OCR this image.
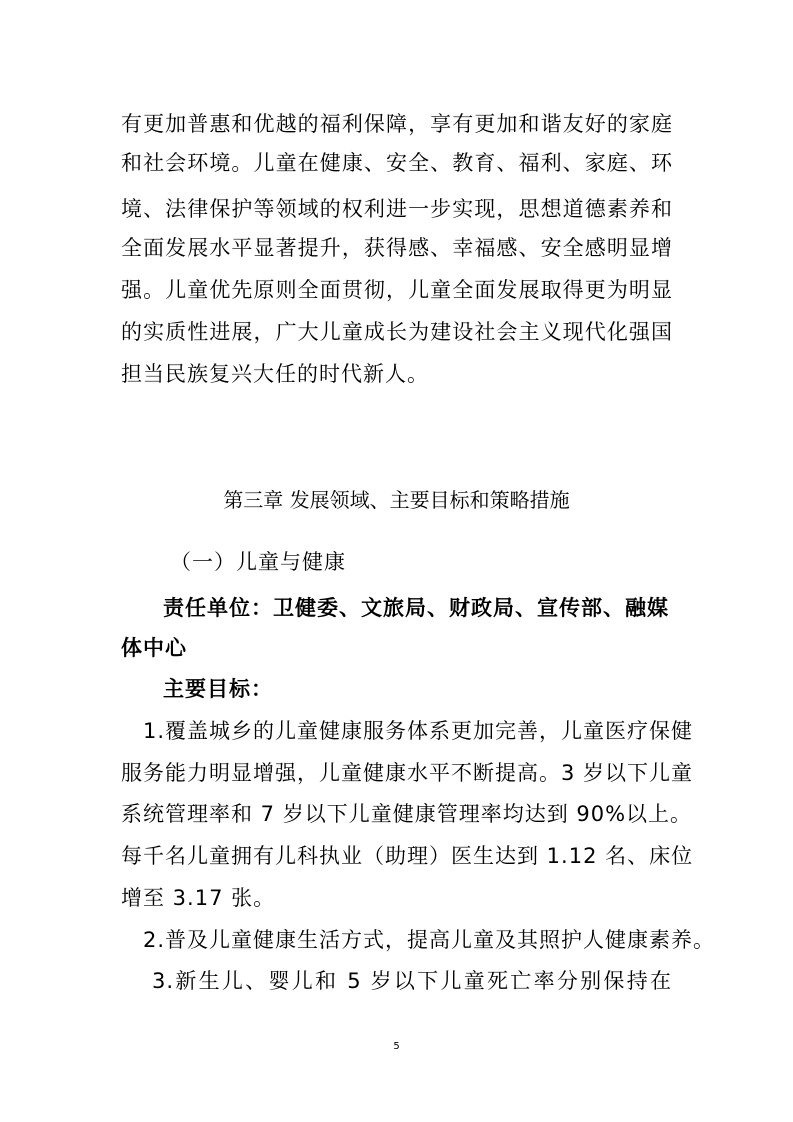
有更加普惠和优越的福利保障，享有更加和谐友好的家庭
和社会环境。儿童在健康、安全、教育、福利、家庭、环
境、法律保护等领域的权利进一步实现，思想道德素养和
全面发展水平显著提升，获得感、幸福感、安全感明显增
强。儿童优先原则全面贯彻，儿童全面发展取得更为明显
的实质性进展，广大儿童成长为建设社会主义现代化强国
担当民族复兴大任的时代新人。
第三章 发展领域、主要目标和策略措施
（一）儿童与健康
责任单位：卫健委、文旅局、财政局、宣传部、融媒
体中心
主要目标：
1.覆盖城乡的儿童健康服务体系更加完善，儿童医疗保健
服务能力明显增强，儿童健康水平不断提高。3 岁以下儿童
系统管理率和 7 岁以下儿童健康管理率均达到 90%以上。
每千名儿童拥有儿科执业（助理）医生达到 1.12 名、床位
增至 3.17 张。
2.普及儿童健康生活方式，提高儿童及其照护人健康素养。
3.新生儿、婴儿和 5 岁以下儿童死亡率分别保持在
5
